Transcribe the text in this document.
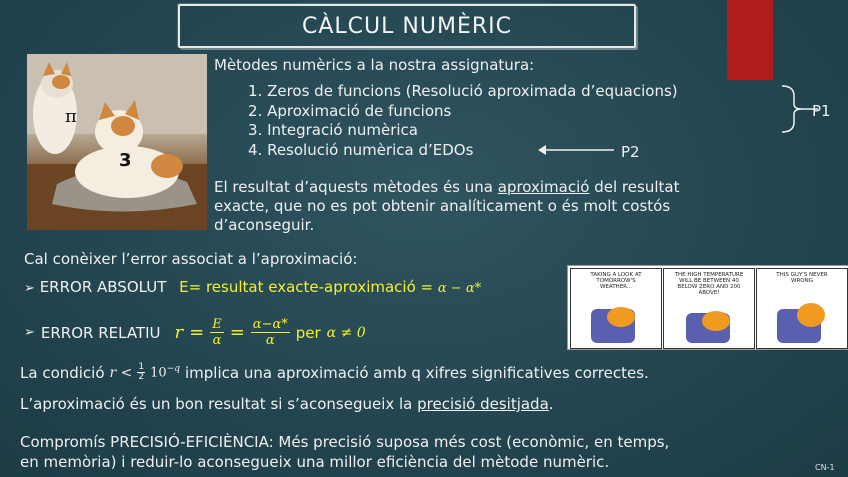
CÀLCUL NUMÈRIC
π
3
Mètodes numèrics a la nostra assignatura:
1. Zeros de funcions (Resolució aproximada d’equacions)
2. Aproximació de funcions
3. Integració numèrica
4. Resolució numèrica d’EDOs
P1
P2
El resultat d’aquests mètodes és una aproximació del resultat
exacte, que no es pot obtenir analíticament o és molt costós
d’aconseguir.
Cal conèixer l’error associat a l’aproximació:
➢ ERROR ABSOLUT E= resultat exacte-aproximació = α − α*
TAKING A LOOK AT TOMORROW'S WEATHER...
THE HIGH TEMPERATURE WILL BE BETWEEN 40 BELOW ZERO AND 200 ABOVE!
THIS GUY'S NEVER WRONG
➢ ERROR RELATIU $r = \frac{E}{\alpha} = \frac{\alpha-\alpha*}{\alpha}$ per α ≠ 0
La condició $r < \frac{1}{2} 10^{-q}$ implica una aproximació amb q xifres significatives correctes.
L’aproximació és un bon resultat si s’aconsegueix la precisió desitjada.
Compromís PRECISIÓ-EFICIÈNCIA: Més precisió suposa més cost (econòmic, en temps,
en memòria) i reduir-lo aconsegueix una millor eficiència del mètode numèric.	CN-1
